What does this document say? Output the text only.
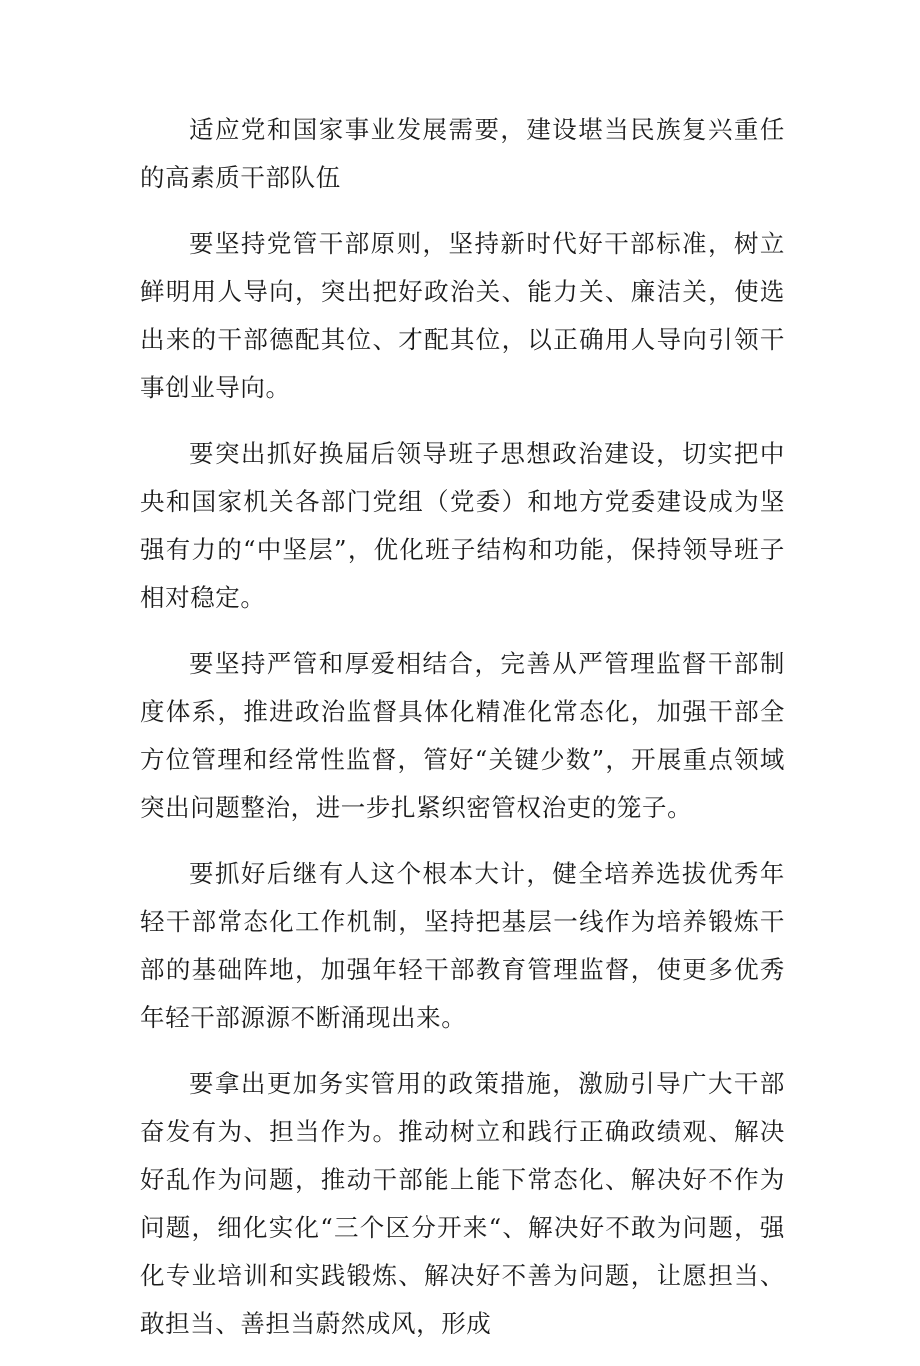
适应党和国家事业发展需要，建设堪当民族复兴重任的高素质干部队伍

要坚持党管干部原则，坚持新时代好干部标准，树立鲜明用人导向，突出把好政治关、能力关、廉洁关，使选出来的干部德配其位、才配其位，以正确用人导向引领干事创业导向。

要突出抓好换届后领导班子思想政治建设，切实把中央和国家机关各部门党组（党委）和地方党委建设成为坚强有力的“中坚层”，优化班子结构和功能，保持领导班子相对稳定。

要坚持严管和厚爱相结合，完善从严管理监督干部制度体系，推进政治监督具体化精准化常态化，加强干部全方位管理和经常性监督，管好“关键少数”，开展重点领域突出问题整治，进一步扎紧织密管权治吏的笼子。

要抓好后继有人这个根本大计，健全培养选拔优秀年轻干部常态化工作机制，坚持把基层一线作为培养锻炼干部的基础阵地，加强年轻干部教育管理监督，使更多优秀年轻干部源源不断涌现出来。

要拿出更加务实管用的政策措施，激励引导广大干部奋发有为、担当作为。推动树立和践行正确政绩观、解决好乱作为问题，推动干部能上能下常态化、解决好不作为问题，细化实化“三个区分开来“、解决好不敢为问题，强化专业培训和实践锻炼、解决好不善为问题，让愿担当、敢担当、善担当蔚然成风，形成
